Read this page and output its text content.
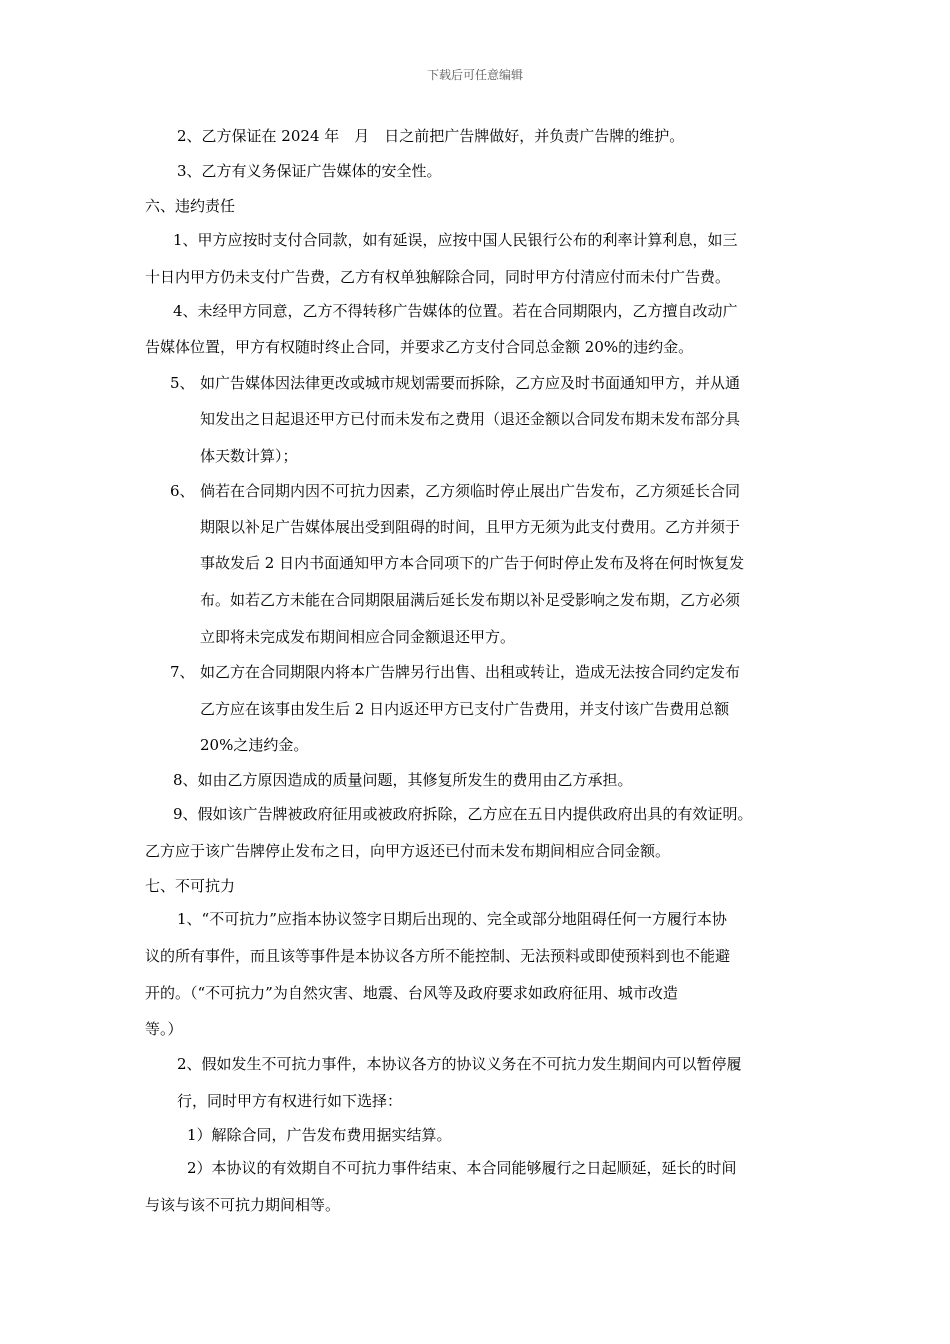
下载后可任意编辑
2、乙方保证在 2024 年　月　日之前把广告牌做好，并负责广告牌的维护。
3、乙方有义务保证广告媒体的安全性。
六、违约责任
1、甲方应按时支付合同款，如有延误，应按中国人民银行公布的利率计算利息，如三
十日内甲方仍未支付广告费，乙方有权单独解除合同，同时甲方付清应付而未付广告费。
4、未经甲方同意，乙方不得转移广告媒体的位置。若在合同期限内，乙方擅自改动广
告媒体位置，甲方有权随时终止合同，并要求乙方支付合同总金额 20%的违约金。
5、 如广告媒体因法律更改或城市规划需要而拆除，乙方应及时书面通知甲方，并从通
知发出之日起退还甲方已付而未发布之费用（退还金额以合同发布期未发布部分具
体天数计算）；
6、 倘若在合同期内因不可抗力因素，乙方须临时停止展出广告发布，乙方须延长合同
期限以补足广告媒体展出受到阻碍的时间，且甲方无须为此支付费用。乙方并须于
事故发后 2 日内书面通知甲方本合同项下的广告于何时停止发布及将在何时恢复发
布。如若乙方未能在合同期限届满后延长发布期以补足受影响之发布期，乙方必须
立即将未完成发布期间相应合同金额退还甲方。
7、 如乙方在合同期限内将本广告牌另行出售、出租或转让，造成无法按合同约定发布
乙方应在该事由发生后 2 日内返还甲方已支付广告费用，并支付该广告费用总额
20%之违约金。
8、如由乙方原因造成的质量问题，其修复所发生的费用由乙方承担。
9、假如该广告牌被政府征用或被政府拆除，乙方应在五日内提供政府出具的有效证明。
乙方应于该广告牌停止发布之日，向甲方返还已付而未发布期间相应合同金额。
七、不可抗力
1、“不可抗力”应指本协议签字日期后出现的、完全或部分地阻碍任何一方履行本协
议的所有事件，而且该等事件是本协议各方所不能控制、无法预料或即使预料到也不能避
开的。（“不可抗力”为自然灾害、地震、台风等及政府要求如政府征用、城市改造
等。）
2、假如发生不可抗力事件，本协议各方的协议义务在不可抗力发生期间内可以暂停履
行，同时甲方有权进行如下选择：
1）解除合同，广告发布费用据实结算。
2）本协议的有效期自不可抗力事件结束、本合同能够履行之日起顺延，延长的时间
与该与该不可抗力期间相等。
